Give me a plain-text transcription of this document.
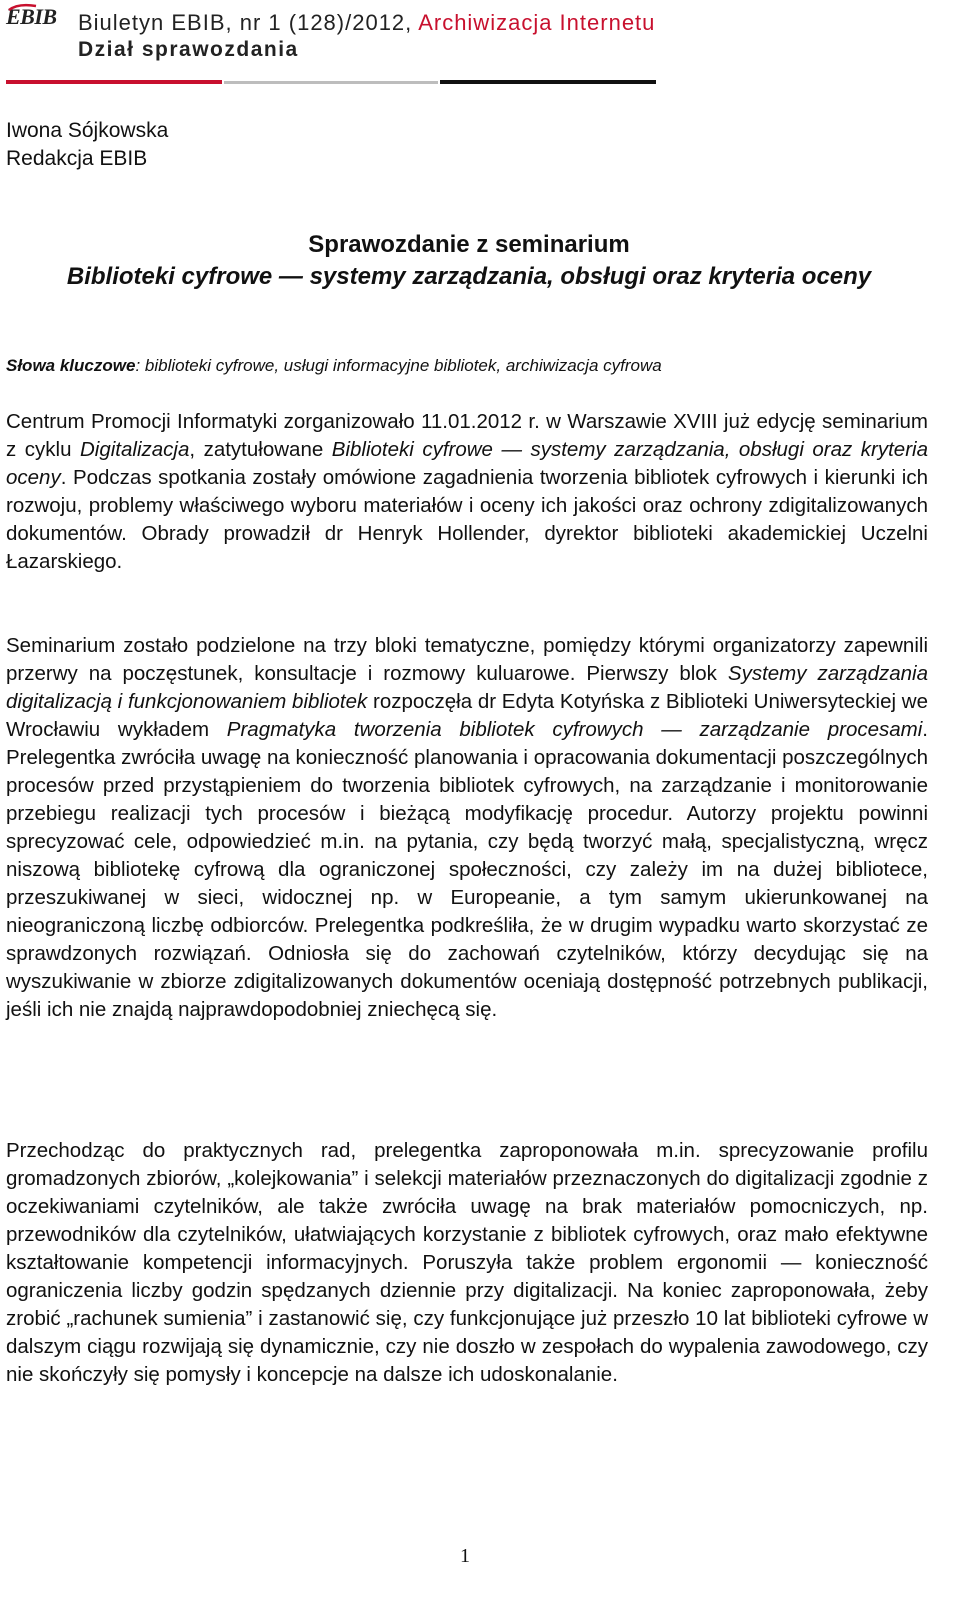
EBIB Biuletyn EBIB, nr 1 (128)/2012, Archiwizacja Internetu
Dział sprawozdania
Iwona Sójkowska
Redakcja EBIB
Sprawozdanie z seminarium
Biblioteki cyfrowe — systemy zarządzania, obsługi oraz kryteria oceny
Słowa kluczowe: biblioteki cyfrowe, usługi informacyjne bibliotek, archiwizacja cyfrowa

Centrum Promocji Informatyki zorganizowało 11.01.2012 r. w Warszawie XVIII już edycję seminarium z cyklu Digitalizacja, zatytułowane Biblioteki cyfrowe — systemy zarządzania, obsługi oraz kryteria oceny. Podczas spotkania zostały omówione zagadnienia tworzenia bibliotek cyfrowych i kierunki ich rozwoju, problemy właściwego wyboru materiałów i oceny ich jakości oraz ochrony zdigitalizowanych dokumentów. Obrady prowadził dr Henryk Hollender, dyrektor biblioteki akademickiej Uczelni Łazarskiego.

Seminarium zostało podzielone na trzy bloki tematyczne, pomiędzy którymi organizatorzy zapewnili przerwy na poczęstunek, konsultacje i rozmowy kuluarowe. Pierwszy blok Systemy zarządzania digitalizacją i funkcjonowaniem bibliotek rozpoczęła dr Edyta Kotyńska z Biblioteki Uniwersyteckiej we Wrocławiu wykładem Pragmatyka tworzenia bibliotek cyfrowych — zarządzanie procesami. Prelegentka zwróciła uwagę na konieczność planowania i opracowania dokumentacji poszczególnych procesów przed przystąpieniem do tworzenia bibliotek cyfrowych, na zarządzanie i monitorowanie przebiegu realizacji tych procesów i bieżącą modyfikację procedur. Autorzy projektu powinni sprecyzować cele, odpowiedzieć m.in. na pytania, czy będą tworzyć małą, specjalistyczną, wręcz niszową bibliotekę cyfrową dla ograniczonej społeczności, czy zależy im na dużej bibliotece, przeszukiwanej w sieci, widocznej np. w Europeanie, a tym samym ukierunkowanej na nieograniczoną liczbę odbiorców. Prelegentka podkreśliła, że w drugim wypadku warto skorzystać ze sprawdzonych rozwiązań. Odniosła się do zachowań czytelników, którzy decydując się na wyszukiwanie w zbiorze zdigitalizowanych dokumentów oceniają dostępność potrzebnych publikacji, jeśli ich nie znajdą najprawdopodobniej zniechęcą się.

Przechodząc do praktycznych rad, prelegentka zaproponowała m.in. sprecyzowanie profilu gromadzonych zbiorów, „kolejkowania” i selekcji materiałów przeznaczonych do digitalizacji zgodnie z oczekiwaniami czytelników, ale także zwróciła uwagę na brak materiałów pomocniczych, np. przewodników dla czytelników, ułatwiających korzystanie z bibliotek cyfrowych, oraz mało efektywne kształtowanie kompetencji informacyjnych. Poruszyła także problem ergonomii — konieczność ograniczenia liczby godzin spędzanych dziennie przy digitalizacji. Na koniec zaproponowała, żeby zrobić „rachunek sumienia” i zastanowić się, czy funkcjonujące już przeszło 10 lat biblioteki cyfrowe w dalszym ciągu rozwijają się dynamicznie, czy nie doszło w zespołach do wypalenia zawodowego, czy nie skończyły się pomysły i koncepcje na dalsze ich udoskonalanie.

1
